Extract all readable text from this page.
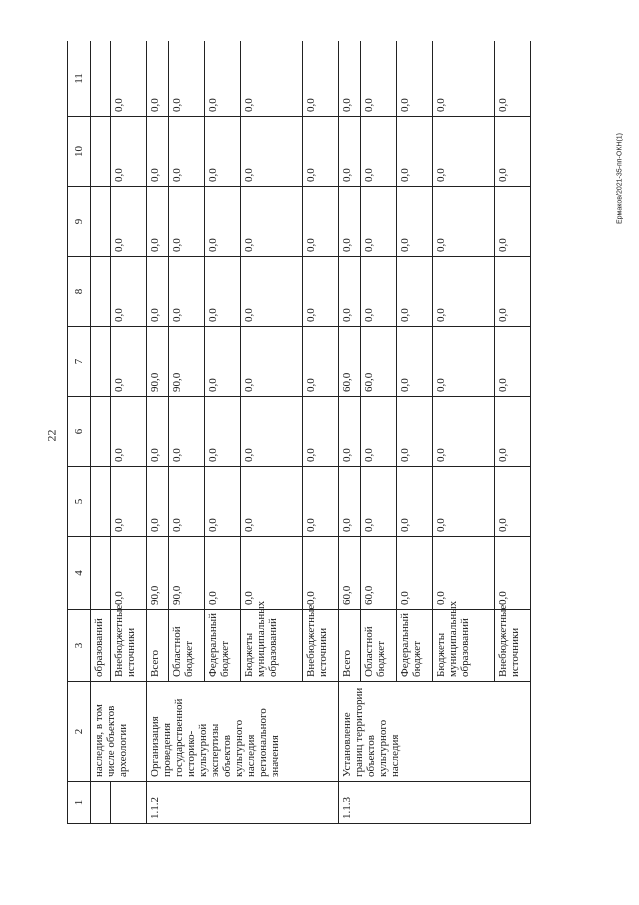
22
Ермаков/2021-35-пп-ОКН(1)
1	2	3	4	5	6	7	8	9	10	11
	наследия, в том числе объектов археологии	образований								
		Внебюджетные источники	0,0	0,0	0,0	0,0	0,0	0,0	0,0	0,0
1.1.2	Организация проведения государственной историко-культурной экспертизы объектов культурного наследия регионального значения	Всего	90,0	0,0	0,0	90,0	0,0	0,0	0,0	0,0
		Областной бюджет	90,0	0,0	0,0	90,0	0,0	0,0	0,0	0,0
		Федеральный бюджет	0,0	0,0	0,0	0,0	0,0	0,0	0,0	0,0
		Бюджеты муниципальных образований	0,0	0,0	0,0	0,0	0,0	0,0	0,0	0,0
		Внебюджетные источники	0,0	0,0	0,0	0,0	0,0	0,0	0,0	0,0
1.1.3	Установление границ территории объектов культурного наследия	Всего	60,0	0,0	0,0	60,0	0,0	0,0	0,0	0,0
		Областной бюджет	60,0	0,0	0,0	60,0	0,0	0,0	0,0	0,0
		Федеральный бюджет	0,0	0,0	0,0	0,0	0,0	0,0	0,0	0,0
		Бюджеты муниципальных образований	0,0	0,0	0,0	0,0	0,0	0,0	0,0	0,0
		Внебюджетные источники	0,0	0,0	0,0	0,0	0,0	0,0	0,0	0,0
